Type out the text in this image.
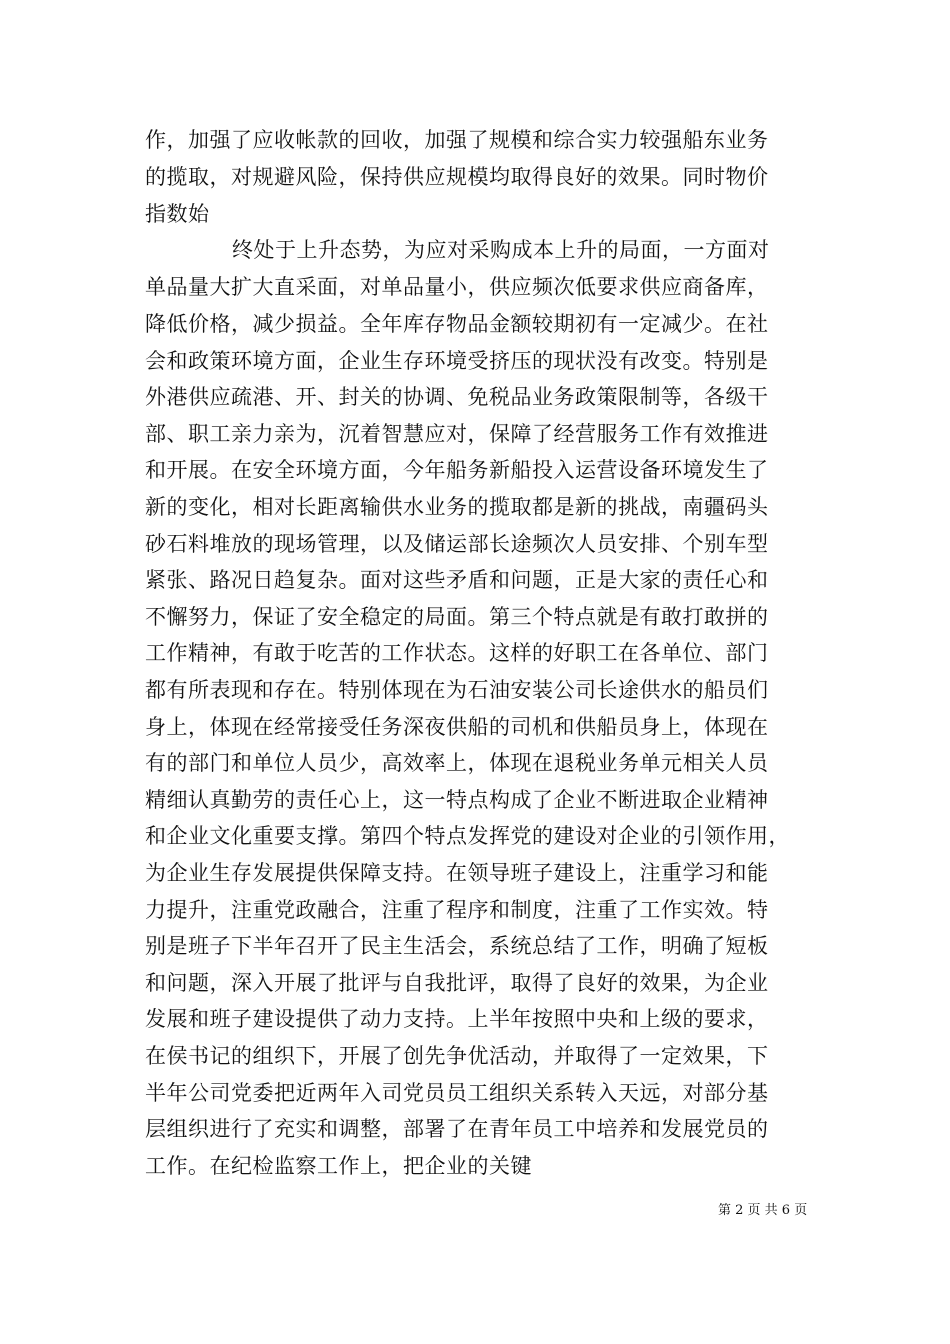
作，加强了应收帐款的回收，加强了规模和综合实力较强船东业务
的揽取，对规避风险，保持供应规模均取得良好的效果。同时物价
指数始
终处于上升态势，为应对采购成本上升的局面，一方面对
单品量大扩大直采面，对单品量小，供应频次低要求供应商备库，
降低价格，减少损益。全年库存物品金额较期初有一定减少。在社
会和政策环境方面，企业生存环境受挤压的现状没有改变。特别是
外港供应疏港、开、封关的协调、免税品业务政策限制等，各级干
部、职工亲力亲为，沉着智慧应对，保障了经营服务工作有效推进
和开展。在安全环境方面，今年船务新船投入运营设备环境发生了
新的变化，相对长距离输供水业务的揽取都是新的挑战，南疆码头
砂石料堆放的现场管理，以及储运部长途频次人员安排、个别车型
紧张、路况日趋复杂。面对这些矛盾和问题，正是大家的责任心和
不懈努力，保证了安全稳定的局面。第三个特点就是有敢打敢拼的
工作精神，有敢于吃苦的工作状态。这样的好职工在各单位、部门
都有所表现和存在。特别体现在为石油安装公司长途供水的船员们
身上，体现在经常接受任务深夜供船的司机和供船员身上，体现在
有的部门和单位人员少，高效率上，体现在退税业务单元相关人员
精细认真勤劳的责任心上，这一特点构成了企业不断进取企业精神
和企业文化重要支撑。第四个特点发挥党的建设对企业的引领作用，
为企业生存发展提供保障支持。在领导班子建设上，注重学习和能
力提升，注重党政融合，注重了程序和制度，注重了工作实效。特
别是班子下半年召开了民主生活会，系统总结了工作，明确了短板
和问题，深入开展了批评与自我批评，取得了良好的效果，为企业
发展和班子建设提供了动力支持。上半年按照中央和上级的要求，
在侯书记的组织下，开展了创先争优活动，并取得了一定效果，下
半年公司党委把近两年入司党员员工组织关系转入天远，对部分基
层组织进行了充实和调整，部署了在青年员工中培养和发展党员的
工作。在纪检监察工作上，把企业的关键
第 2 页 共 6 页
